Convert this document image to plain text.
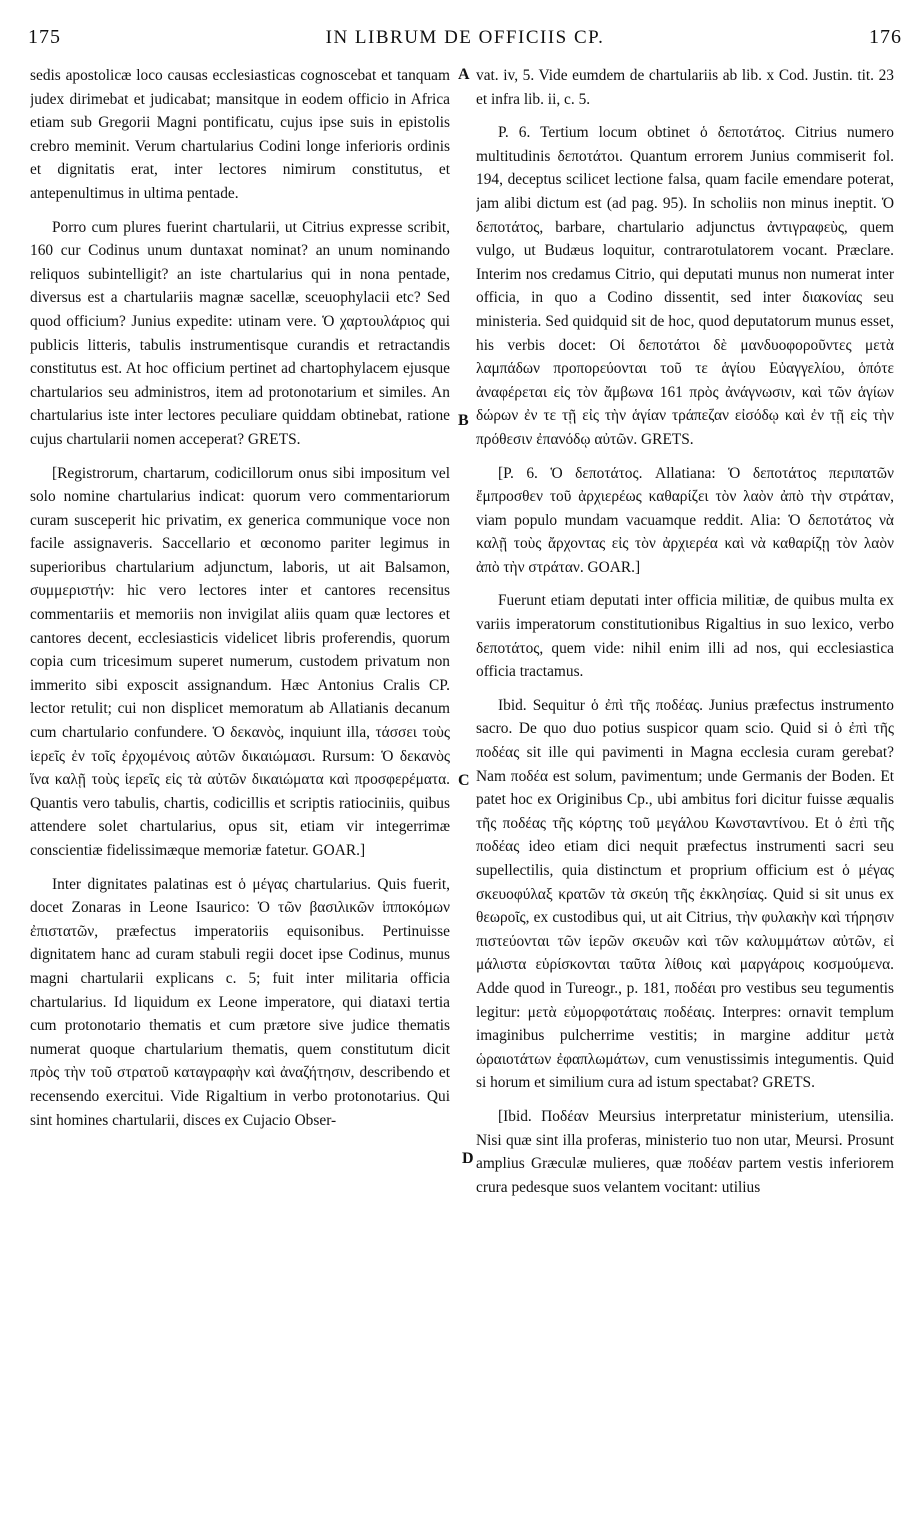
175	IN LIBRUM DE OFFICIIS CP.	176
A
B
C
D

sedis apostolicæ loco causas ecclesiasticas cognoscebat et tanquam judex dirimebat et judicabat; mansitque in eodem officio in Africa etiam sub Gregorii Magni pontificatu, cujus ipse suis in epistolis crebro meminit. Verum chartularius Codini longe inferioris ordinis et dignitatis erat, inter lectores nimirum constitutus, et antepenultimus in ultima pentade.

Porro cum plures fuerint chartularii, ut Citrius expresse scribit, 160 cur Codinus unum duntaxat nominat? an unum nominando reliquos subintelligit? an iste chartularius qui in nona pentade, diversus est a chartulariis magnæ sacellæ, sceuophylacii etc? Sed quod officium? Junius expedite: utinam vere. Ὁ χαρτουλάριος qui publicis litteris, tabulis instrumentisque curandis et retractandis constitutus est. At hoc officium pertinet ad chartophylacem ejusque chartularios seu administros, item ad protonotarium et similes. An chartularius iste inter lectores peculiare quiddam obtinebat, ratione cujus chartularii nomen acceperat? GRETS.

[Registrorum, chartarum, codicillorum onus sibi impositum vel solo nomine chartularius indicat: quorum vero commentariorum curam susceperit hic privatim, ex generica communique voce non facile assignaveris. Saccellario et œconomo pariter legimus in superioribus chartularium adjunctum, laboris, ut ait Balsamon, συμμεριστήν: hic vero lectores inter et cantores recensitus commentariis et memoriis non invigilat aliis quam quæ lectores et cantores decent, ecclesiasticis videlicet libris proferendis, quorum copia cum tricesimum superet numerum, custodem privatum non immerito sibi exposcit assignandum. Hæc Antonius Cralis CP. lector retulit; cui non displicet memoratum ab Allatianis decanum cum chartulario confundere. Ὁ δεκανὸς, inquiunt illa, τάσσει τοὺς ἱερεῖς ἐν τοῖς ἐρχομένοις αὐτῶν δικαιώμασι. Rursum: Ὁ δεκανὸς ἵνα καλῇ τοὺς ἱερεῖς εἰς τὰ αὐτῶν δικαιώματα καὶ προσφερέματα. Quantis vero tabulis, chartis, codicillis et scriptis ratiociniis, quibus attendere solet chartularius, opus sit, etiam vir integerrimæ conscientiæ fidelissimæque memoriæ fatetur. GOAR.]

Inter dignitates palatinas est ὁ μέγας chartularius. Quis fuerit, docet Zonaras in Leone Isaurico: Ὁ τῶν βασιλικῶν ἱπποκόμων ἐπιστατῶν, præfectus imperatoriis equisonibus. Pertinuisse dignitatem hanc ad curam stabuli regii docet ipse Codinus, munus magni chartularii explicans c. 5; fuit inter militaria officia chartularius. Id liquidum ex Leone imperatore, qui diataxi tertia cum protonotario thematis et cum prætore sive judice thematis numerat quoque chartularium thematis, quem constitutum dicit πρὸς τὴν τοῦ στρατοῦ καταγραφὴν καὶ ἀναζήτησιν, describendo et recensendo exercitui. Vide Rigaltium in verbo protonotarius. Qui sint homines chartularii, disces ex Cujacio Obser-

vat. iv, 5. Vide eumdem de chartulariis ab lib. x Cod. Justin. tit. 23 et infra lib. ii, c. 5.

P. 6. Tertium locum obtinet ὁ δεποτάτος. Citrius numero multitudinis δεποτάτοι. Quantum errorem Junius commiserit fol. 194, deceptus scilicet lectione falsa, quam facile emendare poterat, jam alibi dictum est (ad pag. 95). In scholiis non minus ineptit. Ὁ δεποτάτος, barbare, chartulario adjunctus ἀντιγραφεὺς, quem vulgo, ut Budæus loquitur, contrarotulatorem vocant. Præclare. Interim nos credamus Citrio, qui deputati munus non numerat inter officia, in quo a Codino dissentit, sed inter διακονίας seu ministeria. Sed quidquid sit de hoc, quod deputatorum munus esset, his verbis docet: Οἱ δεποτάτοι δὲ μανδυοφοροῦντες μετὰ λαμπάδων προπορεύονται τοῦ τε ἁγίου Εὐαγγελίου, ὁπότε ἀναφέρεται εἰς τὸν ἄμβωνα 161 πρὸς ἀνάγνωσιν, καὶ τῶν ἁγίων δώρων ἐν τε τῇ εἰς τὴν ἁγίαν τράπεζαν εἰσόδῳ καὶ ἐν τῇ εἰς τὴν πρόθεσιν ἐπανόδῳ αὐτῶν. GRETS.

[P. 6. Ὁ δεποτάτος. Allatiana: Ὁ δεποτάτος περιπατῶν ἔμπροσθεν τοῦ ἀρχιερέως καθαρίζει τὸν λαὸν ἀπὸ τὴν στράταν, viam populo mundam vacuamque reddit. Alia: Ὁ δεποτάτος νὰ καλῇ τοὺς ἄρχοντας εἰς τὸν ἀρχιερέα καὶ νὰ καθαρίζῃ τὸν λαὸν ἀπὸ τὴν στράταν. GOAR.]

Fuerunt etiam deputati inter officia militiæ, de quibus multa ex variis imperatorum constitutionibus Rigaltius in suo lexico, verbo δεποτάτος, quem vide: nihil enim illi ad nos, qui ecclesiastica officia tractamus.

Ibid. Sequitur ὁ ἐπὶ τῆς ποδέας. Junius præfectus instrumento sacro. De quo duo potius suspicor quam scio. Quid si ὁ ἐπὶ τῆς ποδέας sit ille qui pavimenti in Magna ecclesia curam gerebat? Nam ποδέα est solum, pavimentum; unde Germanis der Boden. Et patet hoc ex Originibus Cp., ubi ambitus fori dicitur fuisse æqualis τῆς ποδέας τῆς κόρτης τοῦ μεγάλου Κωνσταντίνου. Et ὁ ἐπὶ τῆς ποδέας ideo etiam dici nequit præfectus instrumenti sacri seu supellectilis, quia distinctum et proprium officium est ὁ μέγας σκευοφύλαξ κρατῶν τὰ σκεύη τῆς ἐκκλησίας. Quid si sit unus ex θεωροῖς, ex custodibus qui, ut ait Citrius, τὴν φυλακὴν καὶ τήρησιν πιστεύονται τῶν ἱερῶν σκευῶν καὶ τῶν καλυμμάτων αὐτῶν, εἰ μάλιστα εὑρίσκονται ταῦτα λίθοις καὶ μαργάροις κοσμούμενα. Adde quod in Tureogr., p. 181, ποδέαι pro vestibus seu tegumentis legitur: μετὰ εὐμορφοτάταις ποδέαις. Interpres: ornavit templum imaginibus pulcherrime vestitis; in margine additur μετὰ ὡραιοτάτων ἐφαπλωμάτων, cum venustissimis integumentis. Quid si horum et similium cura ad istum spectabat? GRETS.

[Ibid. Ποδέαν Meursius interpretatur ministerium, utensilia. Nisi quæ sint illa proferas, ministerio tuo non utar, Meursi. Prosunt amplius Græculæ mulieres, quæ ποδέαν partem vestis inferiorem crura pedesque suos velantem vocitant: utilius
